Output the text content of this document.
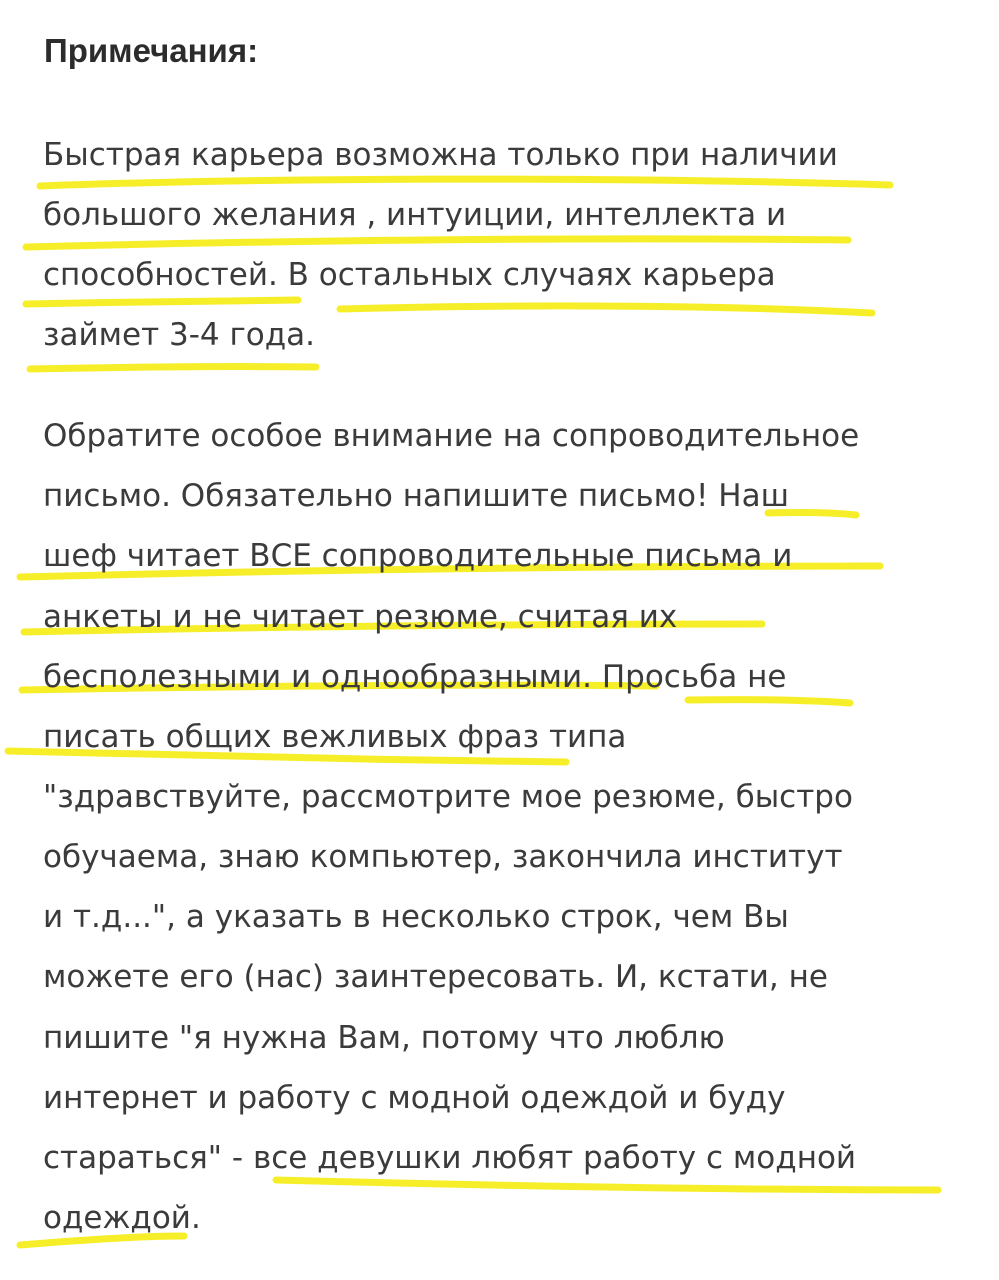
Примечания:

Быстрая карьера возможна только при наличии

большого желания , интуиции, интеллекта и

способностей. В остальных случаях карьера

займет 3-4 года.

Обратите особое внимание на сопроводительное

письмо. Обязательно напишите письмо! Наш

шеф читает ВСЕ сопроводительные письма и

анкеты и не читает резюме, считая их

бесполезными и однообразными. Просьба не

писать общих вежливых фраз типа

"здравствуйте, рассмотрите мое резюме, быстро

обучаема, знаю компьютер, закончила институт

и т.д...", а указать в несколько строк, чем Вы

можете его (нас) заинтересовать. И, кстати, не

пишите "я нужна Вам, потому что люблю

интернет и работу с модной одеждой и буду

стараться" - все девушки любят работу с модной

одеждой.
